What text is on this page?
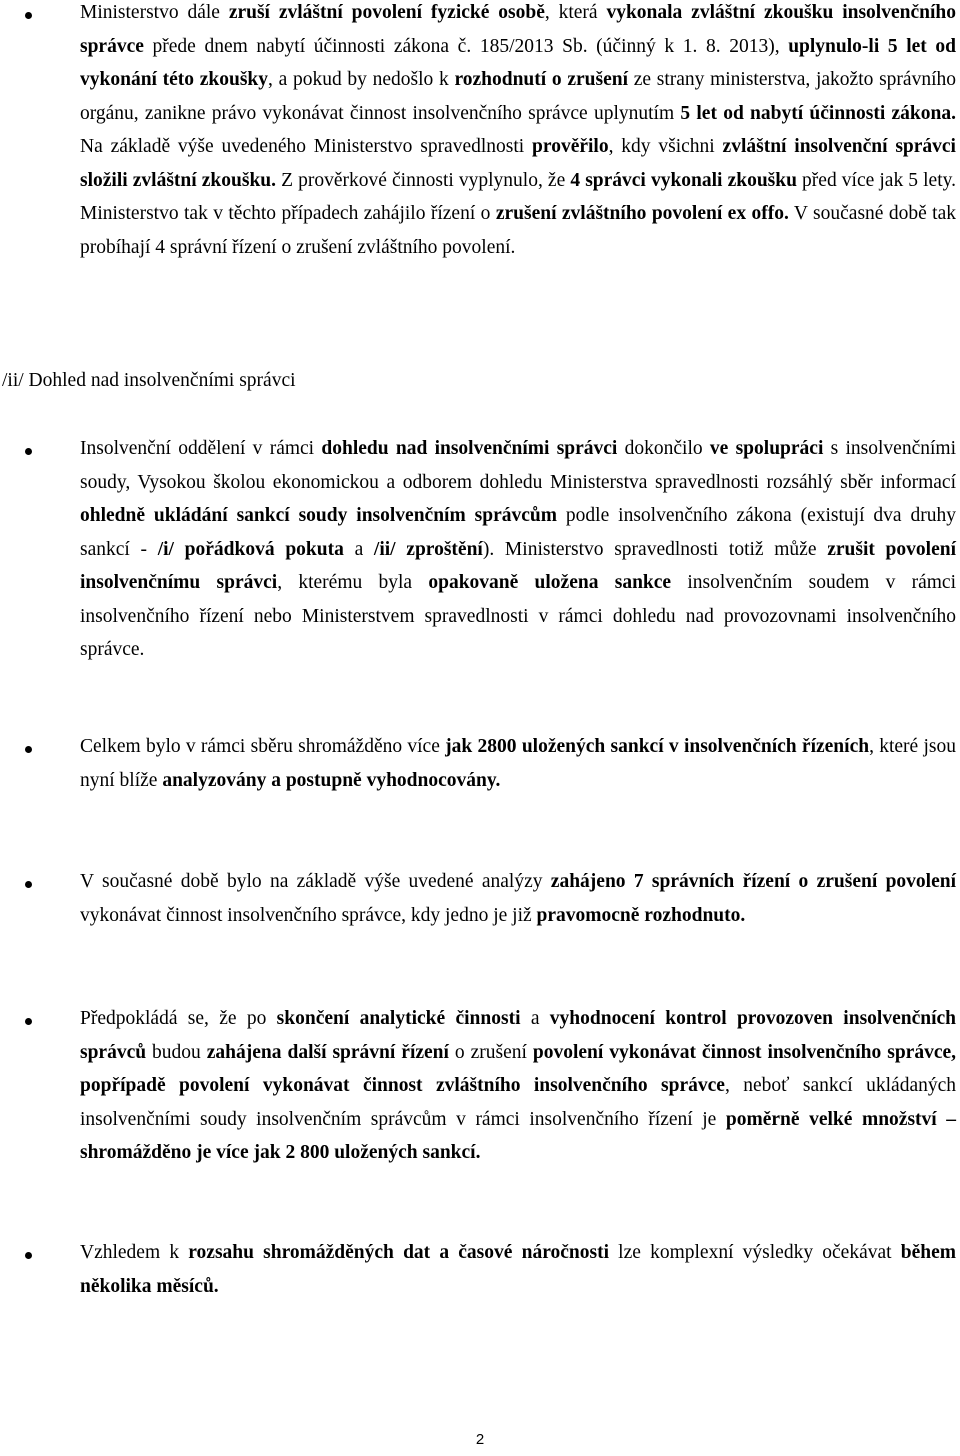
Ministerstvo dále zruší zvláštní povolení fyzické osobě, která vykonala zvláštní zkoušku insolvenčního správce přede dnem nabytí účinnosti zákona č. 185/2013 Sb. (účinný k 1. 8. 2013), uplynulo-li 5 let od vykonání této zkoušky, a pokud by nedošlo k rozhodnutí o zrušení ze strany ministerstva, jakožto správního orgánu, zanikne právo vykonávat činnost insolvenčního správce uplynutím 5 let od nabytí účinnosti zákona. Na základě výše uvedeného Ministerstvo spravedlnosti prověřilo, kdy všichni zvláštní insolvenční správci složili zvláštní zkoušku. Z prověrkové činnosti vyplynulo, že 4 správci vykonali zkoušku před více jak 5 lety. Ministerstvo tak v těchto případech zahájilo řízení o zrušení zvláštního povolení ex offo. V současné době tak probíhají 4 správní řízení o zrušení zvláštního povolení.

/ii/ Dohled nad insolvenčními správci

Insolvenční oddělení v rámci dohledu nad insolvenčními správci dokončilo ve spolupráci s insolvenčními soudy, Vysokou školou ekonomickou a odborem dohledu Ministerstva spravedlnosti rozsáhlý sběr informací ohledně ukládání sankcí soudy insolvenčním správcům podle insolvenčního zákona (existují dva druhy sankcí - /i/ pořádková pokuta a /ii/ zproštění). Ministerstvo spravedlnosti totiž může zrušit povolení insolvenčnímu správci, kterému byla opakovaně uložena sankce insolvenčním soudem v rámci insolvenčního řízení nebo Ministerstvem spravedlnosti v rámci dohledu nad provozovnami insolvenčního správce.

Celkem bylo v rámci sběru shromážděno více jak 2800 uložených sankcí v insolvenčních řízeních, které jsou nyní blíže analyzovány a postupně vyhodnocovány.

V současné době bylo na základě výše uvedené analýzy zahájeno 7 správních řízení o zrušení povolení vykonávat činnost insolvenčního správce, kdy jedno je již pravomocně rozhodnuto.

Předpokládá se, že po skončení analytické činnosti a vyhodnocení kontrol provozoven insolvenčních správců budou zahájena další správní řízení o zrušení povolení vykonávat činnost insolvenčního správce, popřípadě povolení vykonávat činnost zvláštního insolvenčního správce, neboť sankcí ukládaných insolvenčními soudy insolvenčním správcům v rámci insolvenčního řízení je poměrně velké množství – shromážděno je více jak 2 800 uložených sankcí.

Vzhledem k rozsahu shromážděných dat a časové náročnosti lze komplexní výsledky očekávat během několika měsíců.

2
